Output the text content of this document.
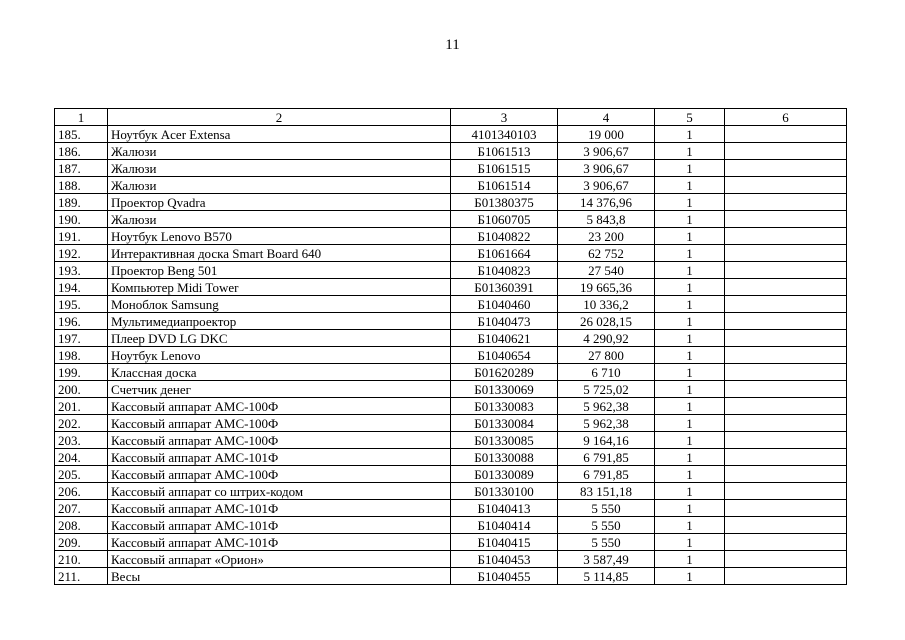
11
1	2	3	4	5	6
185.	Ноутбук Acer Extensa	4101340103	19 000	1	
186.	Жалюзи	Б1061513	3 906,67	1	
187.	Жалюзи	Б1061515	3 906,67	1	
188.	Жалюзи	Б1061514	3 906,67	1	
189.	Проектор Qvadra	Б01380375	14 376,96	1	
190.	Жалюзи	Б1060705	5 843,8	1	
191.	Ноутбук Lenovo B570	Б1040822	23 200	1	
192.	Интерактивная доска Smart Board 640	Б1061664	62 752	1	
193.	Проектор Beng 501	Б1040823	27 540	1	
194.	Компьютер Midi Tower	Б01360391	19 665,36	1	
195.	Моноблок Samsung	Б1040460	10 336,2	1	
196.	Мультимедиапроектор	Б1040473	26 028,15	1	
197.	Плеер DVD LG DKC	Б1040621	4 290,92	1	
198.	Ноутбук Lenovo	Б1040654	27 800	1	
199.	Классная доска	Б01620289	6 710	1	
200.	Счетчик денег	Б01330069	5 725,02	1	
201.	Кассовый аппарат АМС-100Ф	Б01330083	5 962,38	1	
202.	Кассовый аппарат АМС-100Ф	Б01330084	5 962,38	1	
203.	Кассовый аппарат АМС-100Ф	Б01330085	9 164,16	1	
204.	Кассовый аппарат АМС-101Ф	Б01330088	6 791,85	1	
205.	Кассовый аппарат АМС-100Ф	Б01330089	6 791,85	1	
206.	Кассовый аппарат со штрих-кодом	Б01330100	83 151,18	1	
207.	Кассовый аппарат АМС-101Ф	Б1040413	5 550	1	
208.	Кассовый аппарат АМС-101Ф	Б1040414	5 550	1	
209.	Кассовый аппарат АМС-101Ф	Б1040415	5 550	1	
210.	Кассовый аппарат «Орион»	Б1040453	3 587,49	1	
211.	Весы	Б1040455	5 114,85	1	
